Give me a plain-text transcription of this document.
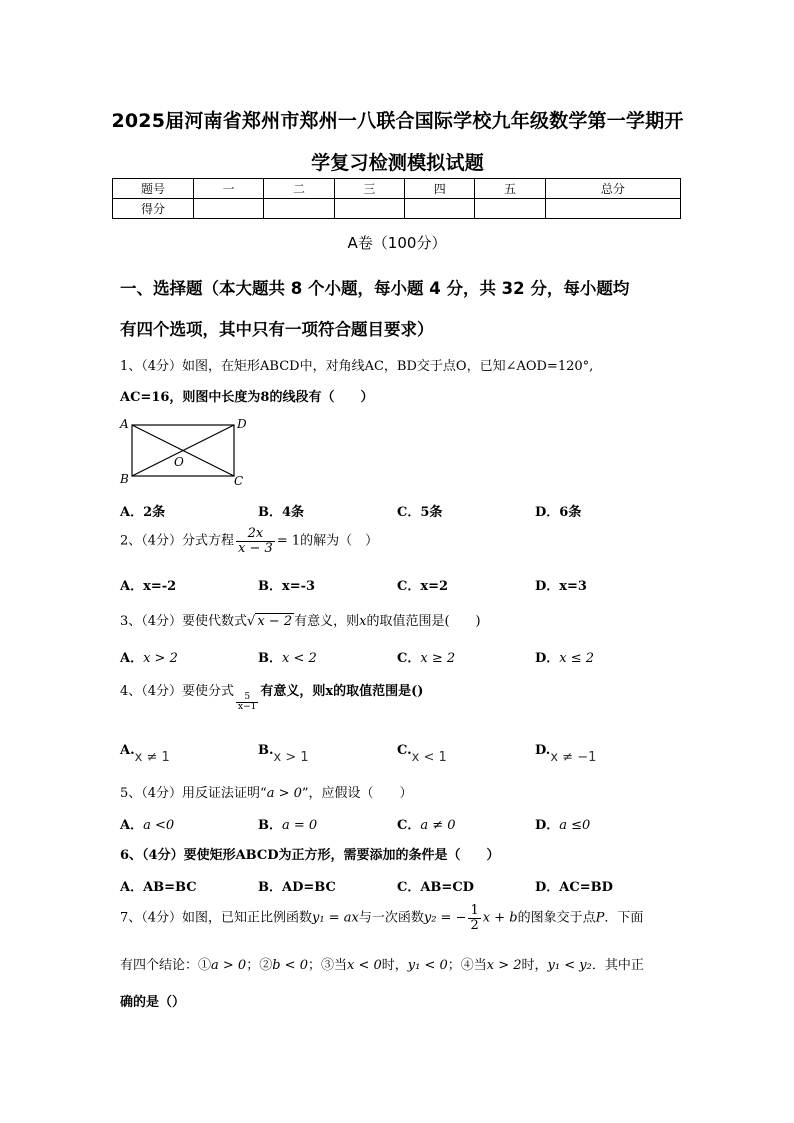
2025届河南省郑州市郑州一八联合国际学校九年级数学第一学期开
学复习检测模拟试题
题号	一	二	三	四	五	总分
得分						
A卷（100分）
一、选择题（本大题共 8 个小题，每小题 4 分，共 32 分，每小题均
有四个选项，其中只有一项符合题目要求）
1、（4分）如图，在矩形ABCD中，对角线AC，BD交于点O，已知∠AOD=120°,
AC=16，则图中长度为8的线段有（　　）
A	D
B	C
O
A．2条	B．4条	C．5条	D．6条
2、（4分）分式方程 $\frac{2x}{x - 3} = 1$的解为（　）
A．x=-2	B．x=-3	C．x=2	D．x=3
3、（4分）要使代数式√ x − 2 有意义，则x的取值范围是(　　)
A．x > 2	B．x < 2	C．x ≥ 2	D．x ≤ 2
4、（4分）要使分式
$\frac{5}{x-1}$
有意义，则x的取值范围是()
A.x ≠ 1	B.x > 1	C.x < 1	D.x ≠ −1
5、（4分）用反证法证明“a > 0”，应假设（　　）
A．a <0	B．a = 0	C．a ≠ 0	D．a ≤0
6、（4分）要使矩形ABCD为正方形，需要添加的条件是（　　）
A．AB=BC	B．AD=BC	C．AB=CD	D．AC=BD
7、（4分）如图，已知正比例函数y₁ = ax与一次函数y₂ = − $\frac{1}{2}$ x + b的图象交于点P．下面
有四个结论：①a > 0；②b < 0；③当x < 0时，y₁ < 0；④当x > 2时，y₁ < y₂．其中正
确的是（）
